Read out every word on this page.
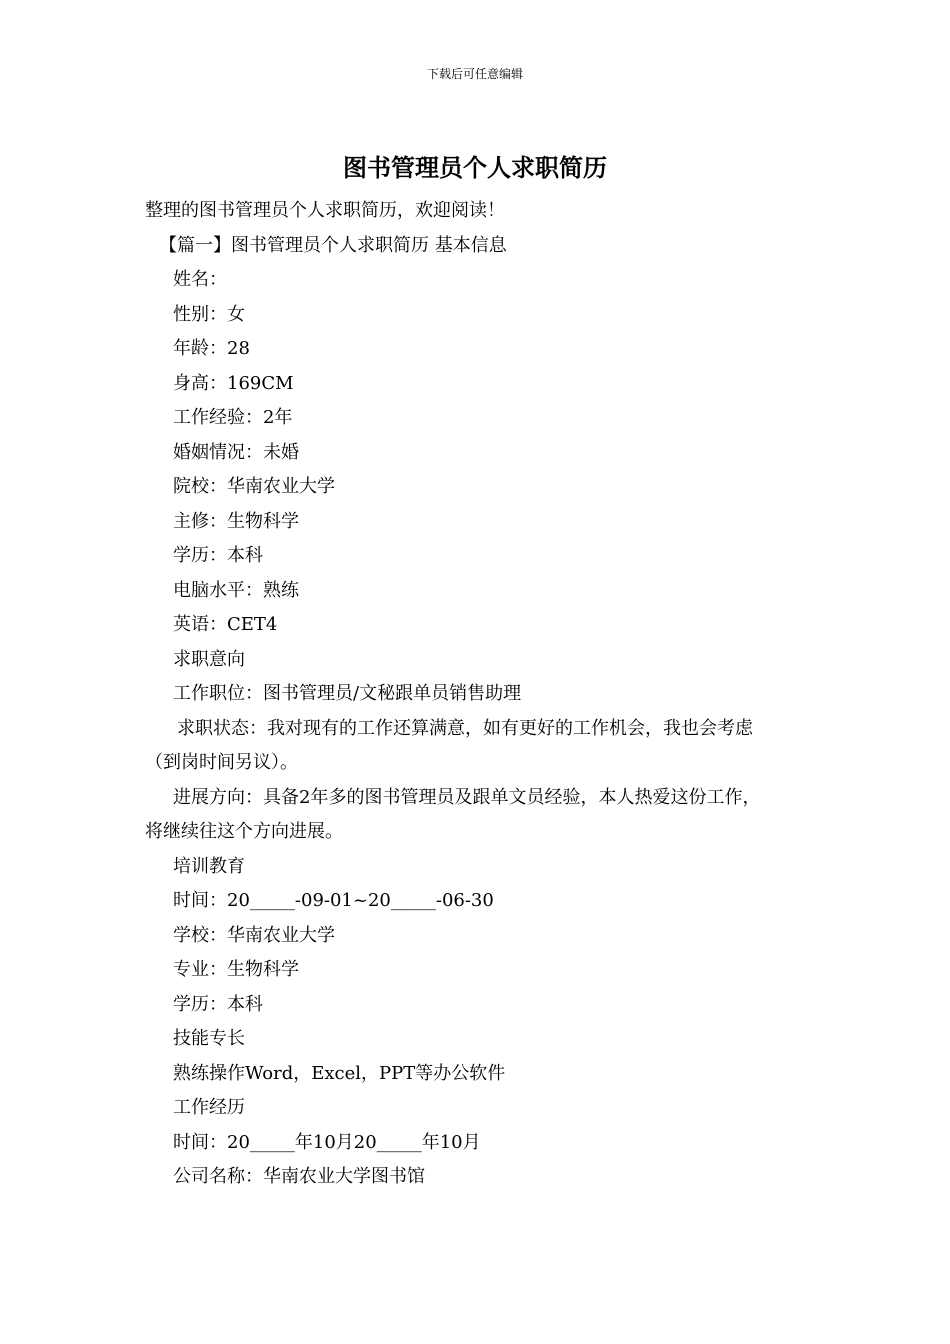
下载后可任意编辑
图书管理员个人求职简历
整理的图书管理员个人求职简历，欢迎阅读！
【篇一】图书管理员个人求职简历 基本信息
姓名：
性别：女
年龄：28
身高：169CM
工作经验：2年
婚姻情况：未婚
院校：华南农业大学
主修：生物科学
学历：本科
电脑水平：熟练
英语：CET4
求职意向
工作职位：图书管理员/文秘跟单员销售助理
求职状态：我对现有的工作还算满意，如有更好的工作机会，我也会考虑
（到岗时间另议）。
进展方向：具备2年多的图书管理员及跟单文员经验，本人热爱这份工作，
将继续往这个方向进展。
培训教育
时间：20_____-09-01~20_____-06-30
学校：华南农业大学
专业：生物科学
学历：本科
技能专长
熟练操作Word，Excel，PPT等办公软件
工作经历
时间：20_____年10月20_____年10月
公司名称：华南农业大学图书馆
